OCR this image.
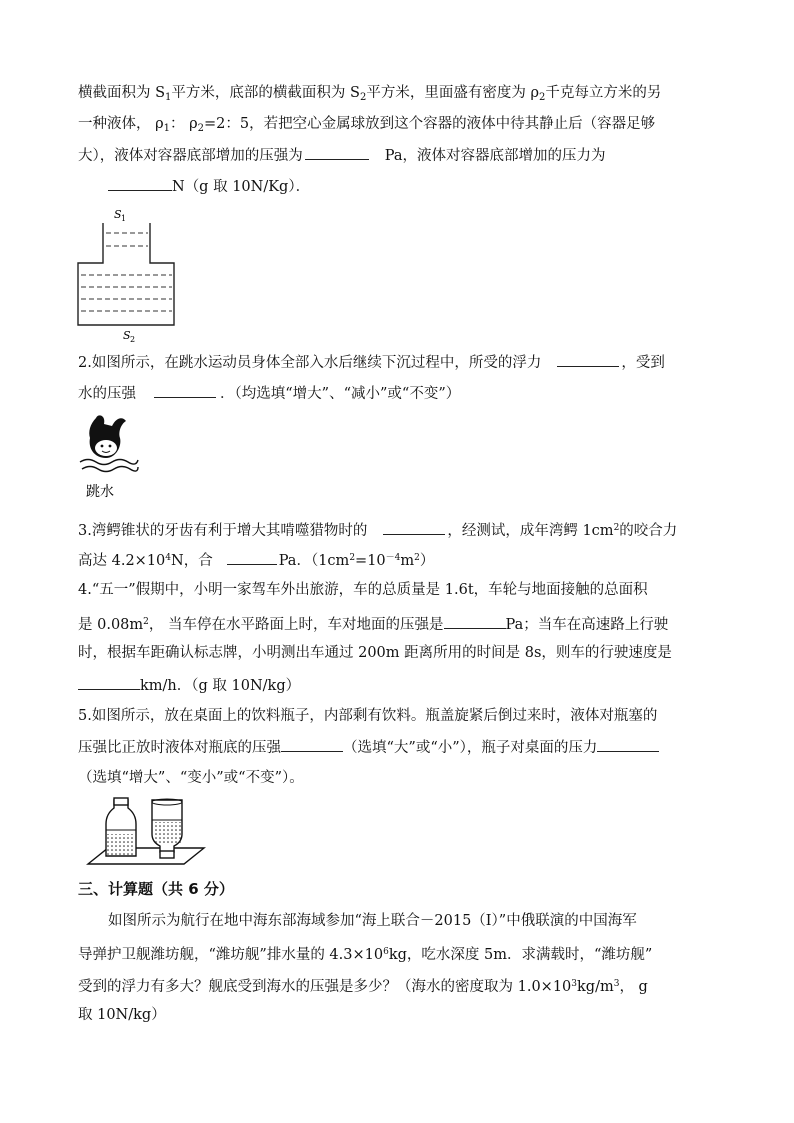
横截面积为 $S_1$平方米，底部的横截面积为 $S_2$平方米，里面盛有密度为 $\rho_2$千克每立方米的另
一种液体， $\rho_1$： $\rho_2=2$：5，若把空心金属球放到这个容器的液体中待其静止后（容器足够
大），液体对容器底部增加的压强为	Pa，液体对容器底部增加的压力为
N（g 取 10N/Kg）．
S 1
S 2
2.如图所示，在跳水运动员身体全部入水后继续下沉过程中，所受的浮力	，受到
水的压强	．（均选填“增大”、“减小”或“不变”）
跳水
3.湾鳄锥状的牙齿有利于增大其啃噬猎物时的	，经测试，成年湾鳄 $1cm^2$的咬合力
高达 $4.2\times 10^4N$，合	Pa．$(1cm^2=10^{-4}m^2)$
4.“五一”假期中，小明一家驾车外出旅游，车的总质量是 1.6t，车轮与地面接触的总面积
是 $0.08m^2$， 当车停在水平路面上时，车对地面的压强是	Pa；当车在高速路上行驶
时，根据车距确认标志牌，小明测出车通过 200m 距离所用的时间是 8s，则车的行驶速度是
km/h．（g 取 10N/kg）
5.如图所示，放在桌面上的饮料瓶子，内部剩有饮料。瓶盖旋紧后倒过来时，液体对瓶塞的
压强比正放时液体对瓶底的压强	（选填“大”或“小”），瓶子对桌面的压力
（选填“增大”、“变小”或“不变”）。
三、计算题（共 6 分）
如图所示为航行在地中海东部海域参加“海上联合－2015（Ⅰ）”中俄联演的中国海军
导弹护卫舰潍坊舰，“潍坊舰”排水量的 $4.3\times 10^6kg$，吃水深度 5m．求满载时，“潍坊舰”
受到的浮力有多大？舰底受到海水的压强是多少？（海水的密度取为 $1.0\times 10^3kg/m^3$， g
取 10N/kg）
